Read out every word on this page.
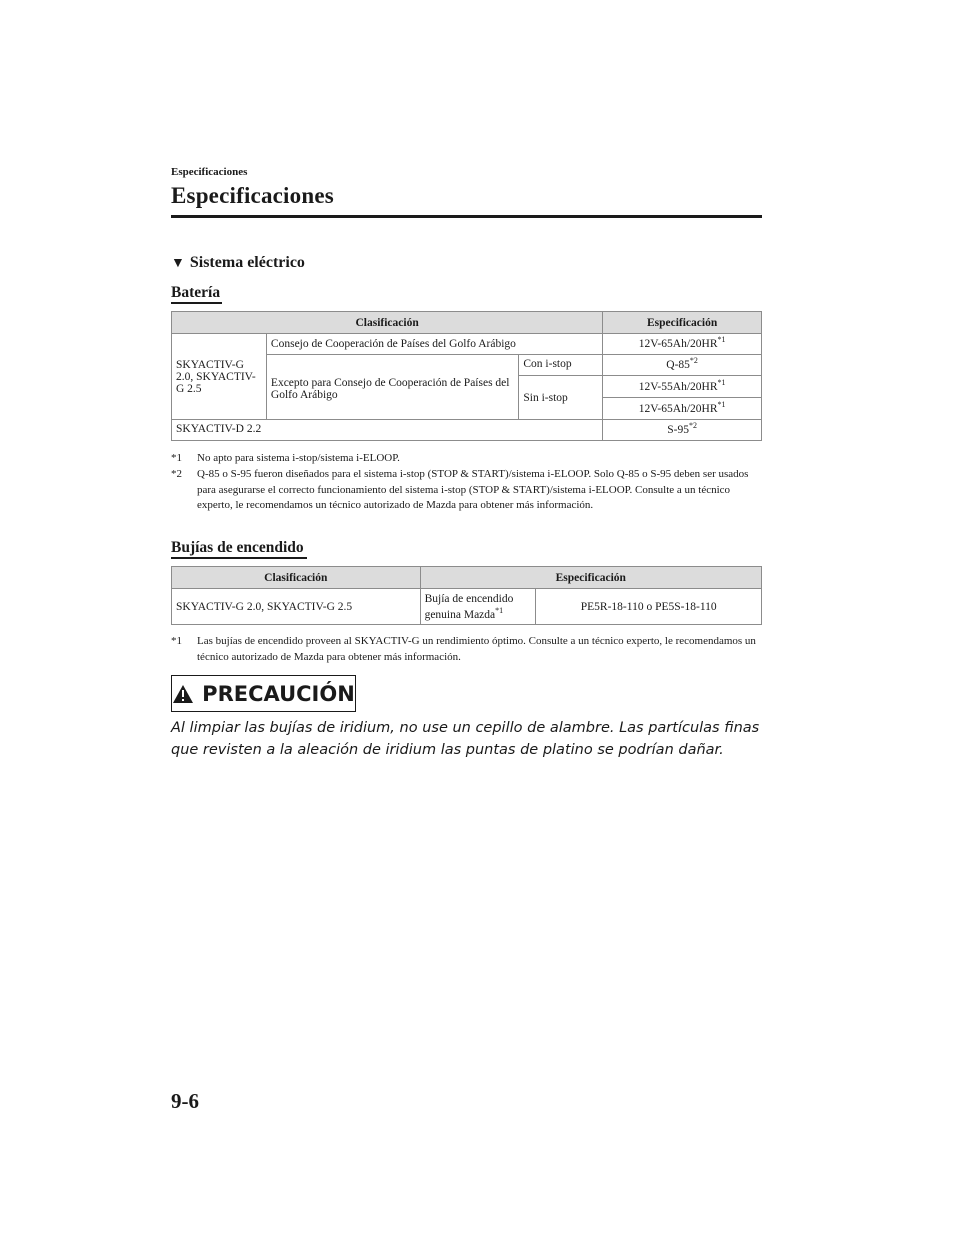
Especificaciones
Especificaciones
▼ Sistema eléctrico
Batería
Clasificación			Especificación
SKYACTIV-G 2.0, SKYACTIV-G 2.5	Consejo de Cooperación de Países del Golfo Arábigo		12V-65Ah/20HR$^{*1}$
	Excepto para Consejo de Cooperación de Países del Golfo Arábigo	Con i-stop	Q-85$^{*2}$
		Sin i-stop	12V-55Ah/20HR$^{*1}$
			12V-65Ah/20HR$^{*1}$
SKYACTIV-D 2.2			S-95$^{*2}$
*1 No apto para sistema i-stop/sistema i-ELOOP.
*2 Q-85 o S-95 fueron diseñados para el sistema i-stop (STOP & START)/sistema i-ELOOP. Solo Q-85 o S-95 deben ser usados para asegurarse el correcto funcionamiento del sistema i-stop (STOP & START)/sistema i-ELOOP. Consulte a un técnico experto, le recomendamos un técnico autorizado de Mazda para obtener más información.
Bujías de encendido
Clasificación	Especificación	
SKYACTIV-G 2.0, SKYACTIV-G 2.5	Bujía de encendido genuina Mazda$^{*1}$	PE5R-18-110 o PE5S-18-110
*1 Las bujías de encendido proveen al SKYACTIV-G un rendimiento óptimo. Consulte a un técnico experto, le recomendamos un técnico autorizado de Mazda para obtener más información.
PRECAUCIÓN
Al limpiar las bujías de iridium, no use un cepillo de alambre. Las partículas finas que revisten a la aleación de iridium las puntas de platino se podrían dañar.
9-6
